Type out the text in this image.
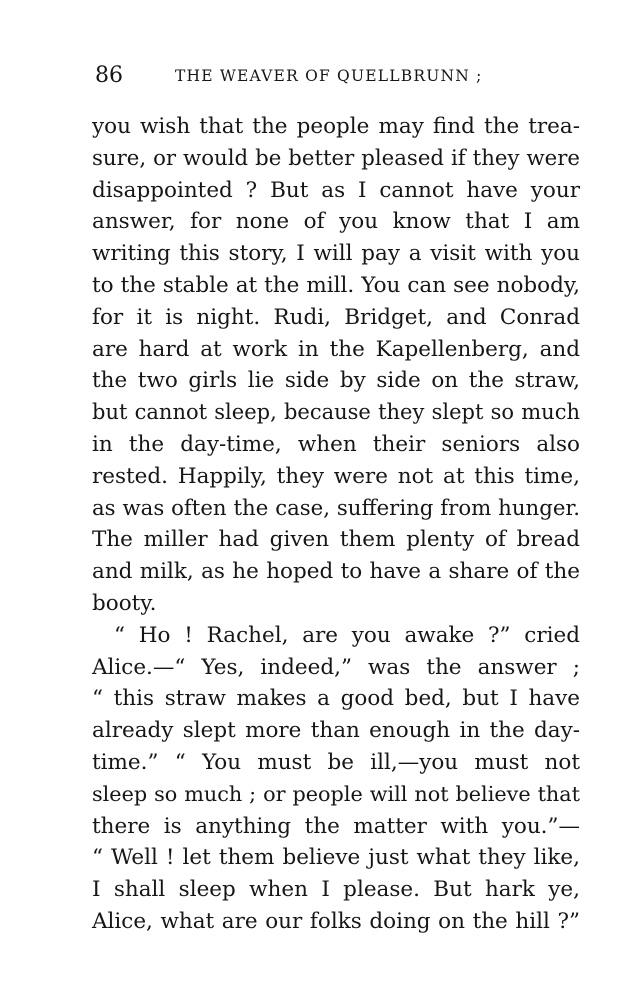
86	THE WEAVER OF QUELLBRUNN ;
you wish that the people may find the trea-
sure, or would be better pleased if they were
disappointed ? But as I cannot have your
answer, for none of you know that I am
writing this story, I will pay a visit with you
to the stable at the mill. You can see nobody,
for it is night. Rudi, Bridget, and Conrad
are hard at work in the Kapellenberg, and
the two girls lie side by side on the straw,
but cannot sleep, because they slept so much
in the day-time, when their seniors also
rested. Happily, they were not at this time,
as was often the case, suffering from hunger.
The miller had given them plenty of bread
and milk, as he hoped to have a share of the
booty.
“ Ho ! Rachel, are you awake ?” cried
Alice.—“ Yes, indeed,” was the answer ;
“ this straw makes a good bed, but I have
already slept more than enough in the day-
time.” “ You must be ill,—you must not
sleep so much ; or people will not believe that
there is anything the matter with you.”—
“ Well ! let them believe just what they like,
I shall sleep when I please. But hark ye,
Alice, what are our folks doing on the hill ?”
